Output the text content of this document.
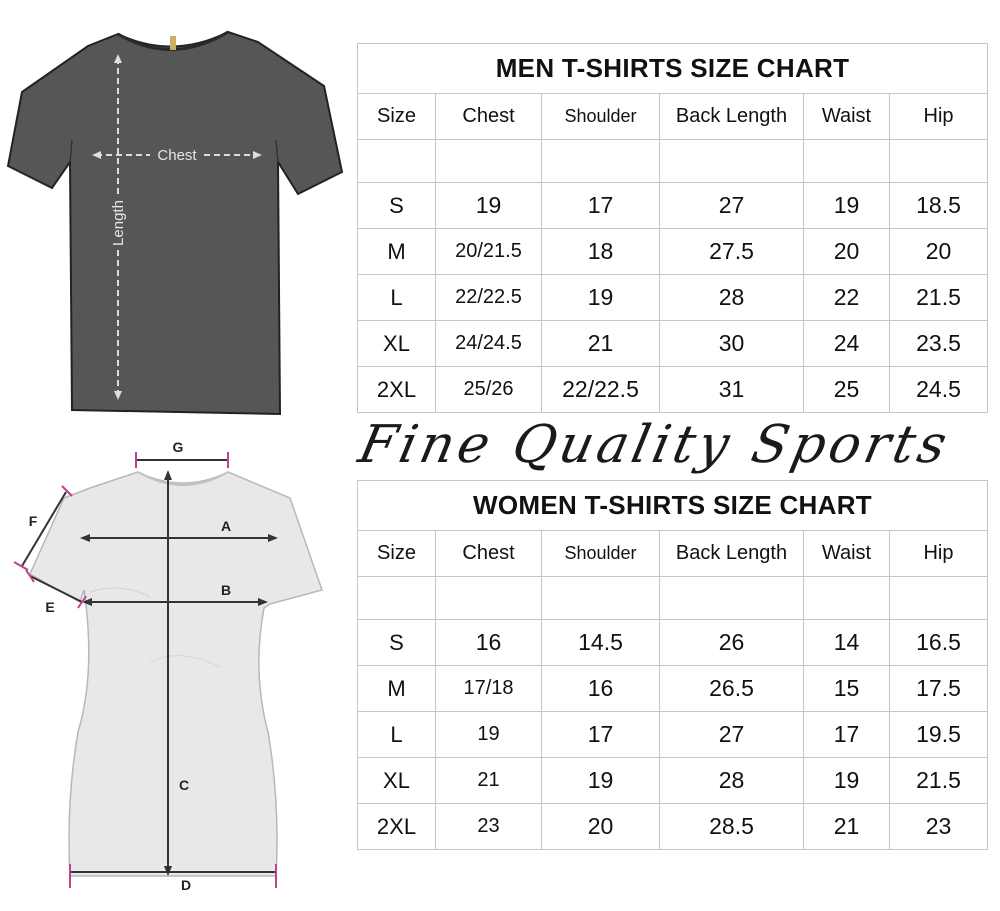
Chest
Length
G
A
B
C
D
E
F
MEN T-SHIRTS SIZE CHART					
Size	Chest	Shoulder	Back Length	Waist	Hip

S	19	17	27	19	18.5
M	20/21.5	18	27.5	20	20
L	22/22.5	19	28	22	21.5
XL	24/24.5	21	30	24	23.5
2XL	25/26	22/22.5	31	25	24.5
Fine Quality Sports
WOMEN T-SHIRTS SIZE CHART					
Size	Chest	Shoulder	Back Length	Waist	Hip

S	16	14.5	26	14	16.5
M	17/18	16	26.5	15	17.5
L	19	17	27	17	19.5
XL	21	19	28	19	21.5
2XL	23	20	28.5	21	23
